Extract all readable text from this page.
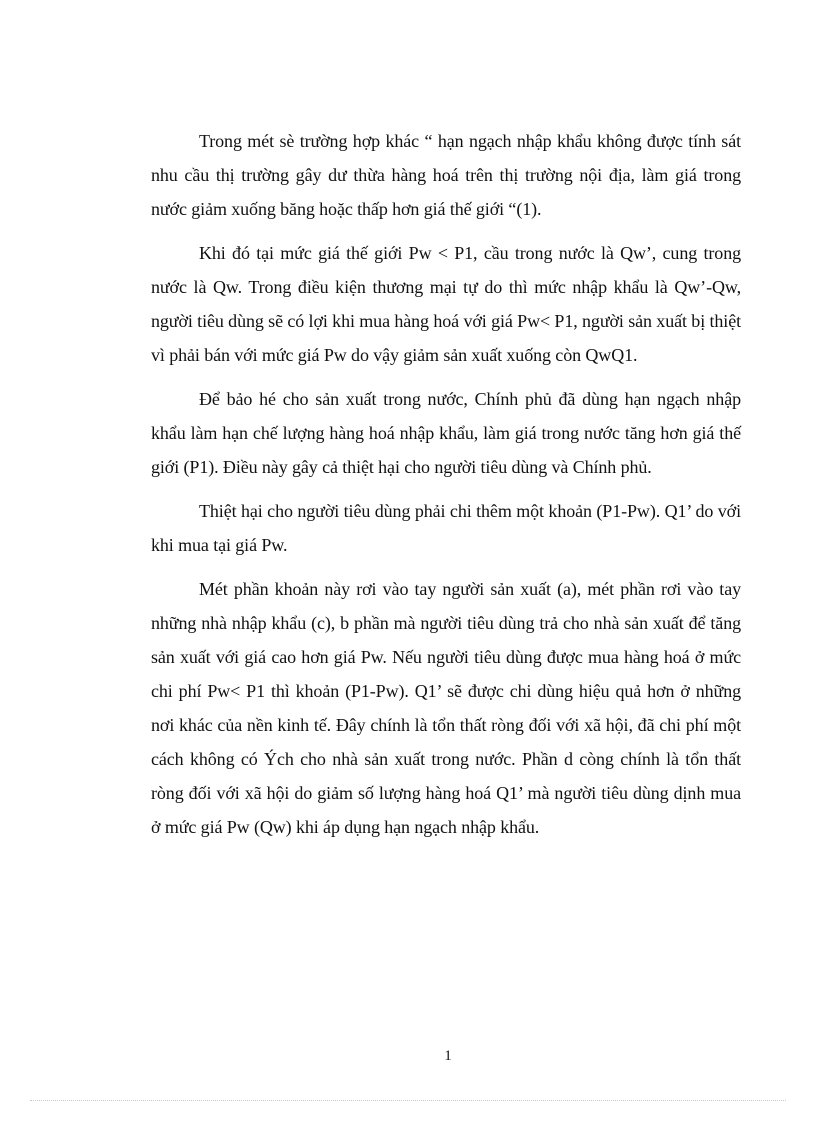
Trong mét sè trường hợp khác “ hạn ngạch nhập khẩu không được tính sát nhu cầu thị trường gây dư thừa hàng hoá trên thị trường nội địa, làm giá trong nước giảm xuống băng hoặc thấp hơn giá thế giới “(1).

Khi đó tại mức giá thế giới Pw < P1, cầu trong nước là Qw’, cung trong nước là Qw. Trong điều kiện thương mại tự do thì mức nhập khẩu là Qw’-Qw, người tiêu dùng sẽ có lợi khi mua hàng hoá với giá Pw< P1, người sản xuất bị thiệt vì phải bán với mức giá Pw do vậy giảm sản xuất xuống còn QwQ1.

Để bảo hé cho sản xuất trong nước, Chính phủ đã dùng hạn ngạch nhập khẩu làm hạn chế lượng hàng hoá nhập khẩu, làm giá trong nước tăng hơn giá thế giới (P1). Điều này gây cả thiệt hại cho người tiêu dùng và Chính phủ.

Thiệt hại cho người tiêu dùng phải chi thêm một khoản (P1-Pw). Q1’ do với khi mua tại giá Pw.

Mét phần khoản này rơi vào tay người sản xuất (a), mét phần rơi vào tay những nhà nhập khẩu (c), b phần mà người tiêu dùng trả cho nhà sản xuất để tăng sản xuất với giá cao hơn giá Pw. Nếu người tiêu dùng được mua hàng hoá ở mức chi phí Pw< P1 thì khoản (P1-Pw). Q1’ sẽ được chi dùng hiệu quả hơn ở những nơi khác của nền kinh tế. Đây chính là tổn thất ròng đối với xã hội, đã chi phí một cách không có Ých cho nhà sản xuất trong nước. Phần d còng chính là tổn thất ròng đối với xã hội do giảm số lượng hàng hoá Q1’ mà người tiêu dùng dịnh mua ở mức giá Pw (Qw) khi áp dụng hạn ngạch nhập khẩu.

1
